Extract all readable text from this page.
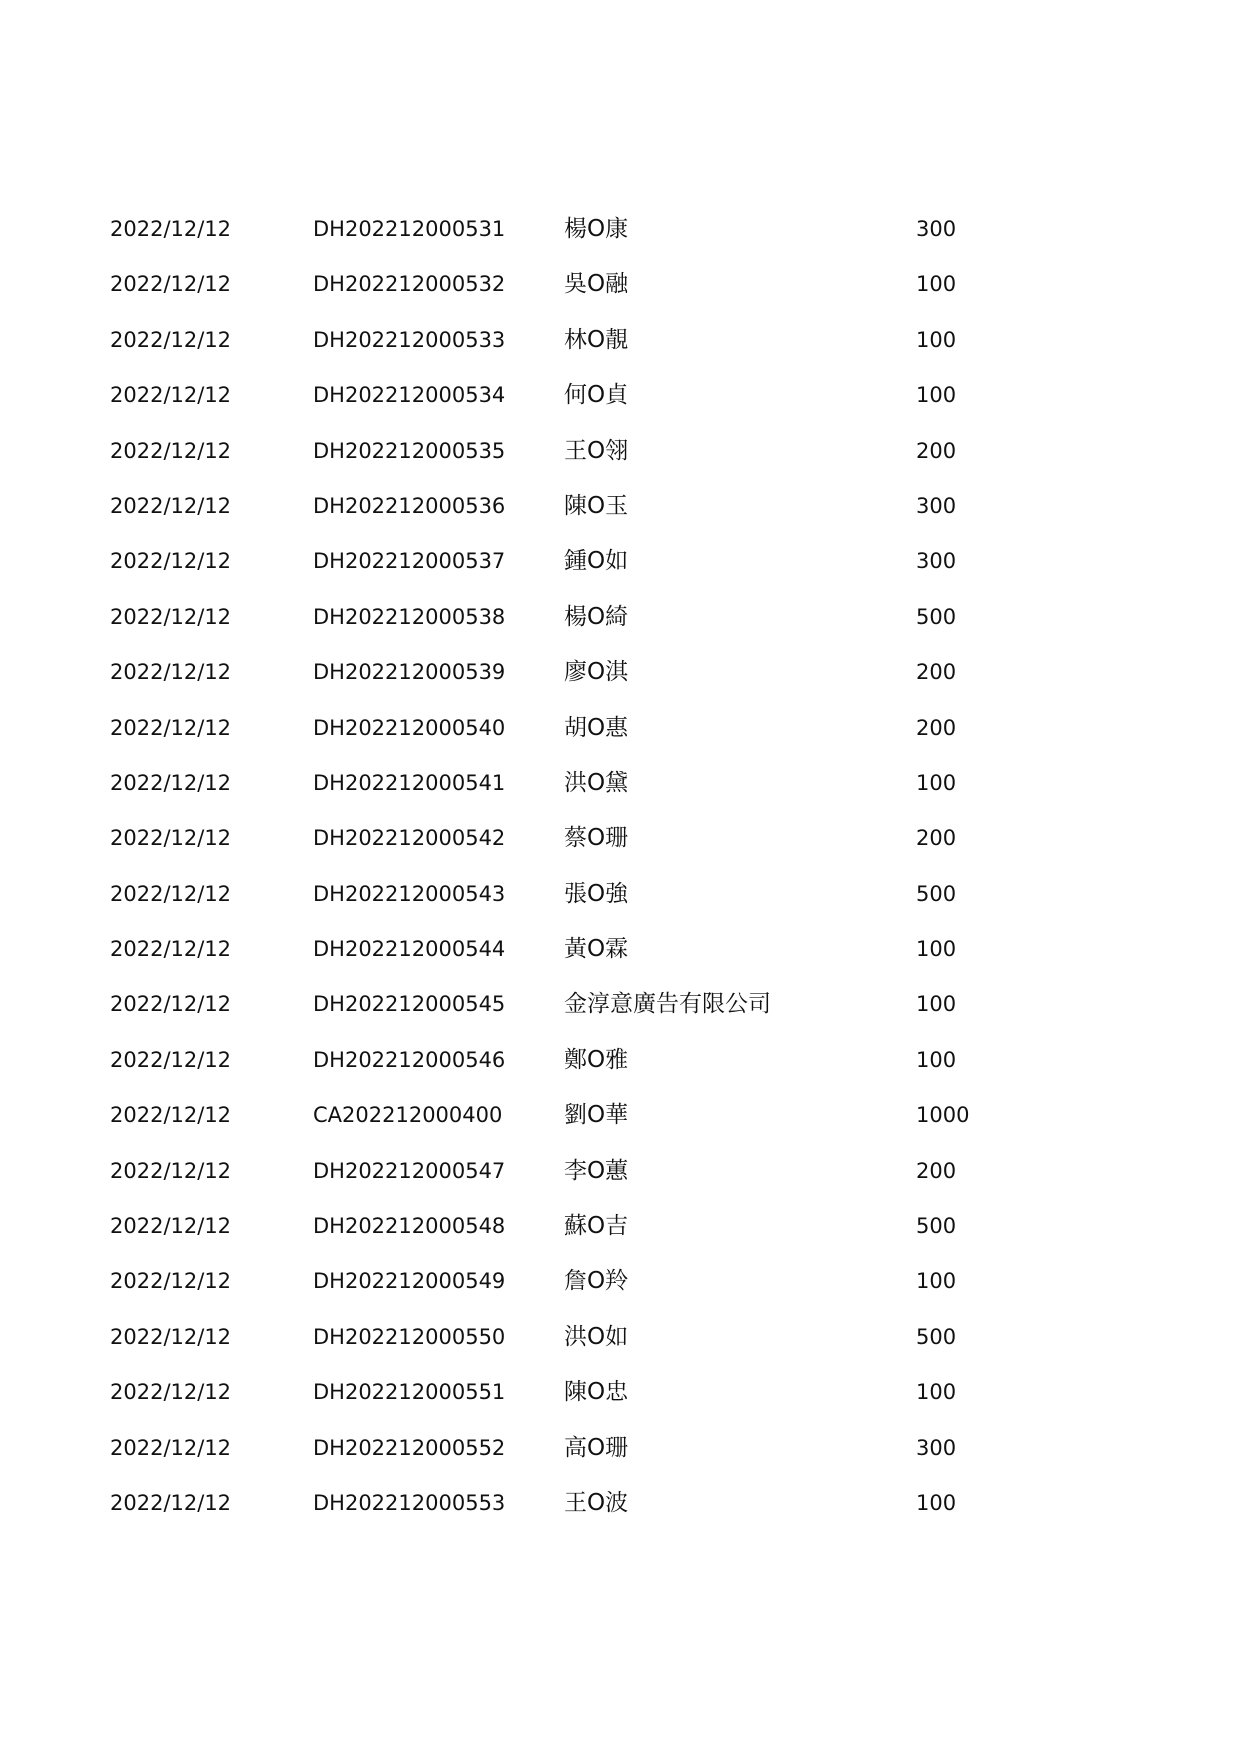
2022/12/12	DH202212000531	楊O康	300
2022/12/12	DH202212000532	吳O融	100
2022/12/12	DH202212000533	林O靚	100
2022/12/12	DH202212000534	何O貞	100
2022/12/12	DH202212000535	王O翎	200
2022/12/12	DH202212000536	陳O玉	300
2022/12/12	DH202212000537	鍾O如	300
2022/12/12	DH202212000538	楊O綺	500
2022/12/12	DH202212000539	廖O淇	200
2022/12/12	DH202212000540	胡O惠	200
2022/12/12	DH202212000541	洪O黛	100
2022/12/12	DH202212000542	蔡O珊	200
2022/12/12	DH202212000543	張O強	500
2022/12/12	DH202212000544	黃O霖	100
2022/12/12	DH202212000545	金淳意廣告有限公司	100
2022/12/12	DH202212000546	鄭O雅	100
2022/12/12	CA202212000400	劉O華	1000
2022/12/12	DH202212000547	李O蕙	200
2022/12/12	DH202212000548	蘇O吉	500
2022/12/12	DH202212000549	詹O羚	100
2022/12/12	DH202212000550	洪O如	500
2022/12/12	DH202212000551	陳O忠	100
2022/12/12	DH202212000552	高O珊	300
2022/12/12	DH202212000553	王O波	100
